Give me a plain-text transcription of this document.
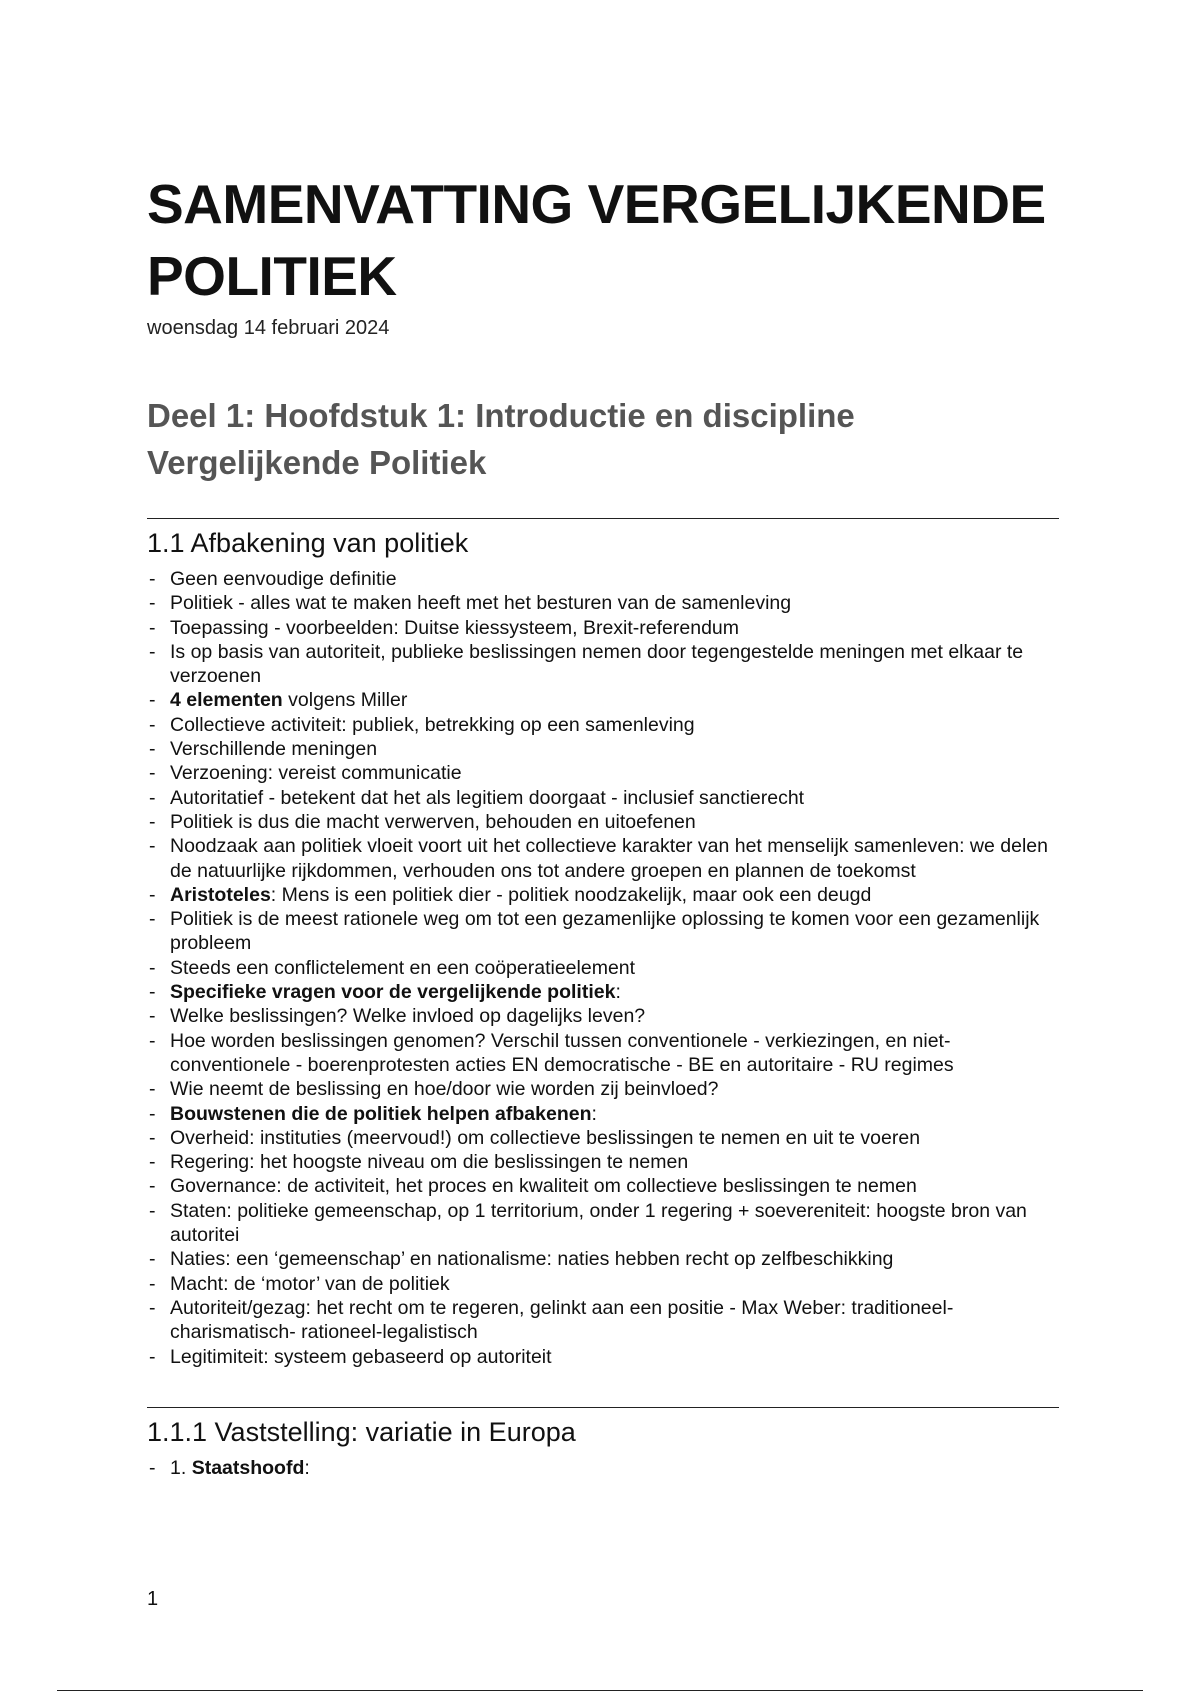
SAMENVATTING VERGELIJKENDE POLITIEK
woensdag 14 februari 2024
Deel 1: Hoofdstuk 1: Introductie en discipline Vergelijkende Politiek
1.1 Afbakening van politiek
- Geen eenvoudige definitie
- Politiek - alles wat te maken heeft met het besturen van de samenleving
- Toepassing - voorbeelden: Duitse kiessysteem, Brexit-referendum
- Is op basis van autoriteit, publieke beslissingen nemen door tegengestelde meningen met elkaar te verzoenen
- 4 elementen volgens Miller
- Collectieve activiteit: publiek, betrekking op een samenleving
- Verschillende meningen
- Verzoening: vereist communicatie
- Autoritatief - betekent dat het als legitiem doorgaat - inclusief sanctierecht
- Politiek is dus die macht verwerven, behouden en uitoefenen
- Noodzaak aan politiek vloeit voort uit het collectieve karakter van het menselijk samenleven: we delen de natuurlijke rijkdommen, verhouden ons tot andere groepen en plannen de toekomst
- Aristoteles: Mens is een politiek dier - politiek noodzakelijk, maar ook een deugd
- Politiek is de meest rationele weg om tot een gezamenlijke oplossing te komen voor een gezamenlijk probleem
- Steeds een conflictelement en een coöperatieelement
- Specifieke vragen voor de vergelijkende politiek:
- Welke beslissingen? Welke invloed op dagelijks leven?
- Hoe worden beslissingen genomen? Verschil tussen conventionele - verkiezingen, en niet-conventionele - boerenprotesten acties EN democratische - BE en autoritaire - RU regimes
- Wie neemt de beslissing en hoe/door wie worden zij beinvloed?
- Bouwstenen die de politiek helpen afbakenen:
- Overheid: instituties (meervoud!) om collectieve beslissingen te nemen en uit te voeren
- Regering: het hoogste niveau om die beslissingen te nemen
- Governance: de activiteit, het proces en kwaliteit om collectieve beslissingen te nemen
- Staten: politieke gemeenschap, op 1 territorium, onder 1 regering + soevereniteit: hoogste bron van autoritei
- Naties: een ‘gemeenschap’ en nationalisme: naties hebben recht op zelfbeschikking
- Macht: de ‘motor’ van de politiek
- Autoriteit/gezag: het recht om te regeren, gelinkt aan een positie - Max Weber: traditioneel- charismatisch- rationeel-legalistisch
- Legitimiteit: systeem gebaseerd op autoriteit
1.1.1 Vaststelling: variatie in Europa
- 1. Staatshoofd:
1
